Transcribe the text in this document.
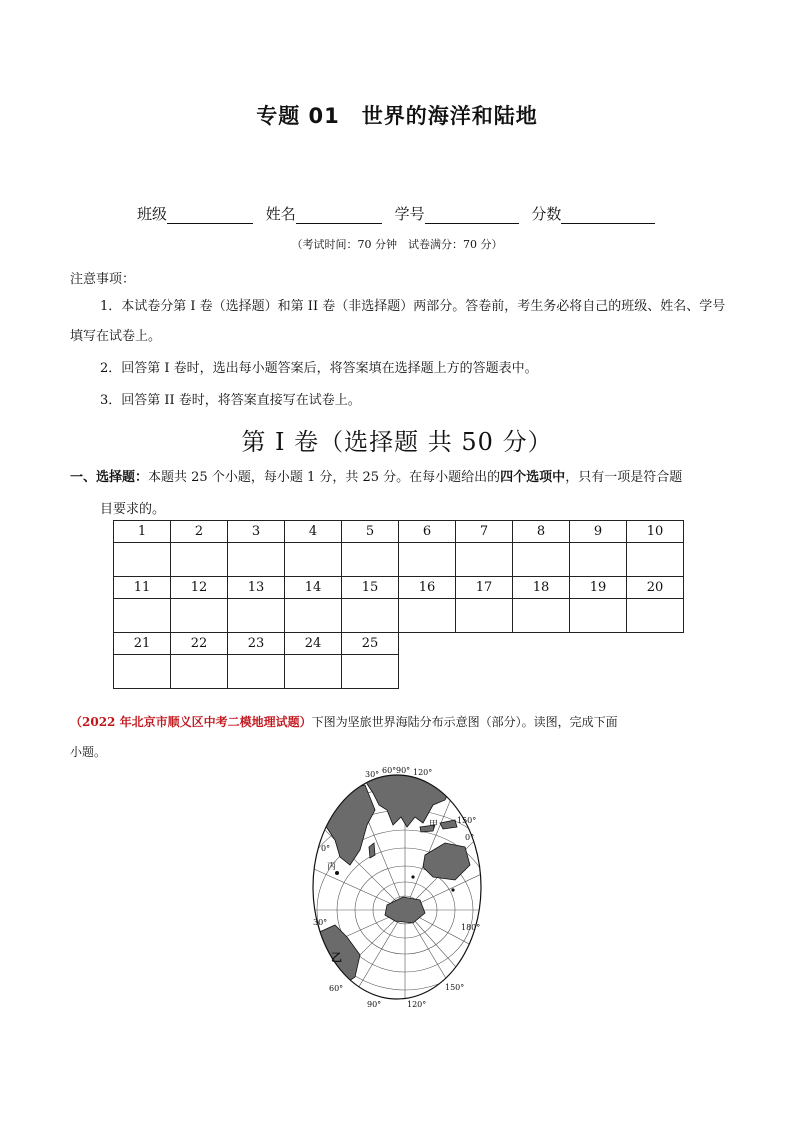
专题 01　世界的海洋和陆地
班级	姓名	学号	分数
（考试时间：70 分钟　试卷满分：70 分）
注意事项：
1．本试卷分第 I 卷（选择题）和第 II 卷（非选择题）两部分。答卷前，考生务必将自己的班级、姓名、学号填写在试卷上。
2．回答第 I 卷时，选出每小题答案后，将答案填在选择题上方的答题表中。
3．回答第 II 卷时，将答案直接写在试卷上。
第 I 卷（选择题 共 50 分）
一、选择题：本题共 25 个小题，每小题 1 分，共 25 分。在每小题给出的四个选项中，只有一项是符合题
目要求的。
1	2	3	4	5	6	7	8	9	10

11	12	13	14	15	16	17	18	19	20

21	22	23	24	25					

（2022 年北京市顺义区中考二模地理试题）下图为坚旅世界海陆分布示意图（部分）。读图，完成下面
小题。
30° 60° 90° 120°
150°
0°
0°
30°
180°
150°
120°
90°
60°
甲
丙
乙
